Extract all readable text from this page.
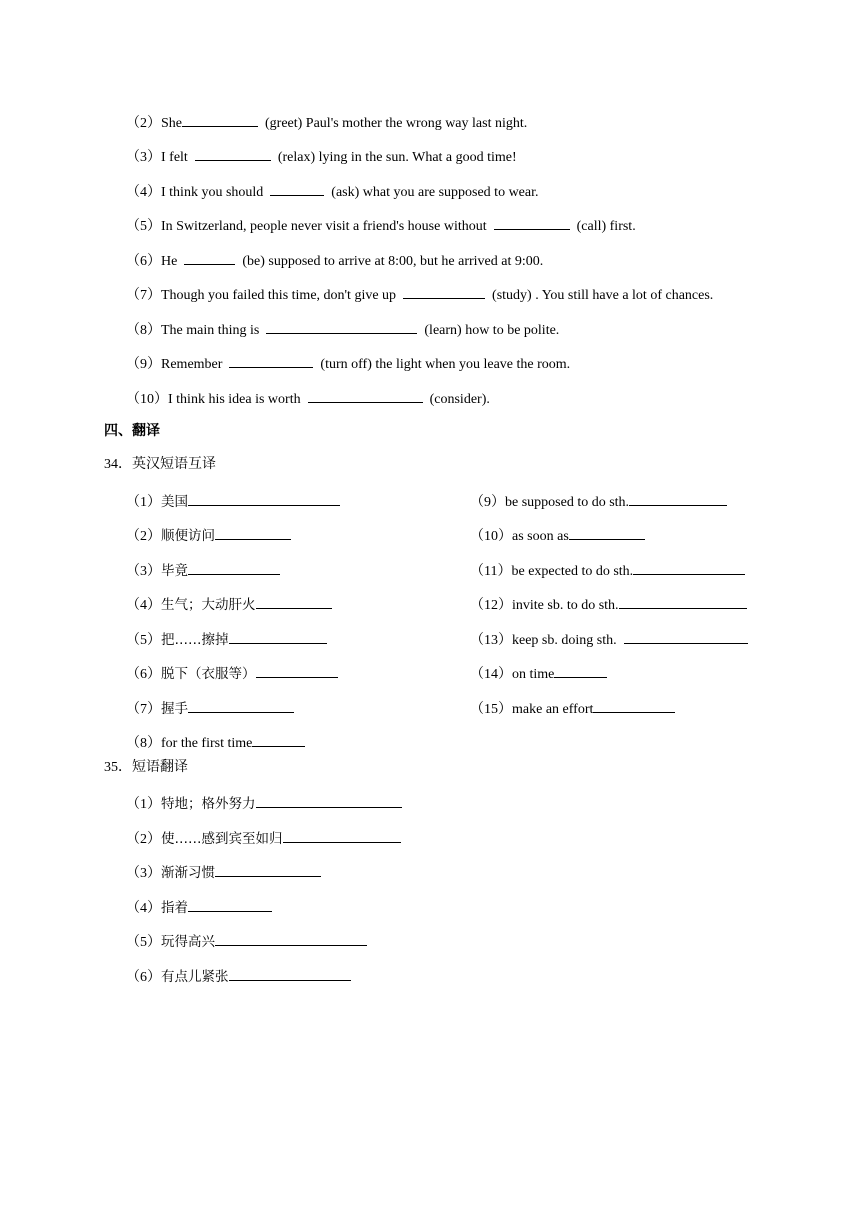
（2）She	(greet) Paul's mother the wrong way last night.
（3）I felt	(relax) lying in the sun. What a good time!
（4）I think you should	(ask) what you are supposed to wear.
（5）In Switzerland, people never visit a friend's house without	(call) first.
（6）He	(be) supposed to arrive at 8:00, but he arrived at 9:00.
（7）Though you failed this time, don't give up	(study) . You still have a lot of chances.
（8）The main thing is	(learn) how to be polite.
（9）Remember	(turn off) the light when you leave the room.
（10）I think his idea is worth	(consider).
四、翻译
34．英汉短语互译
（1）美国
（2）顺便访问
（3）毕竟
（4）生气；大动肝火
（5）把……擦掉
（6）脱下（衣服等）
（7）握手
（8）for the first time
（9）be supposed to do sth.
（10）as soon as
（11）be expected to do sth.
（12）invite sb. to do sth.
（13）keep sb. doing sth.
（14）on time
（15）make an effort
35．短语翻译
（1）特地；格外努力
（2）使……感到宾至如归
（3）渐渐习惯
（4）指着
（5）玩得高兴
（6）有点儿紧张
